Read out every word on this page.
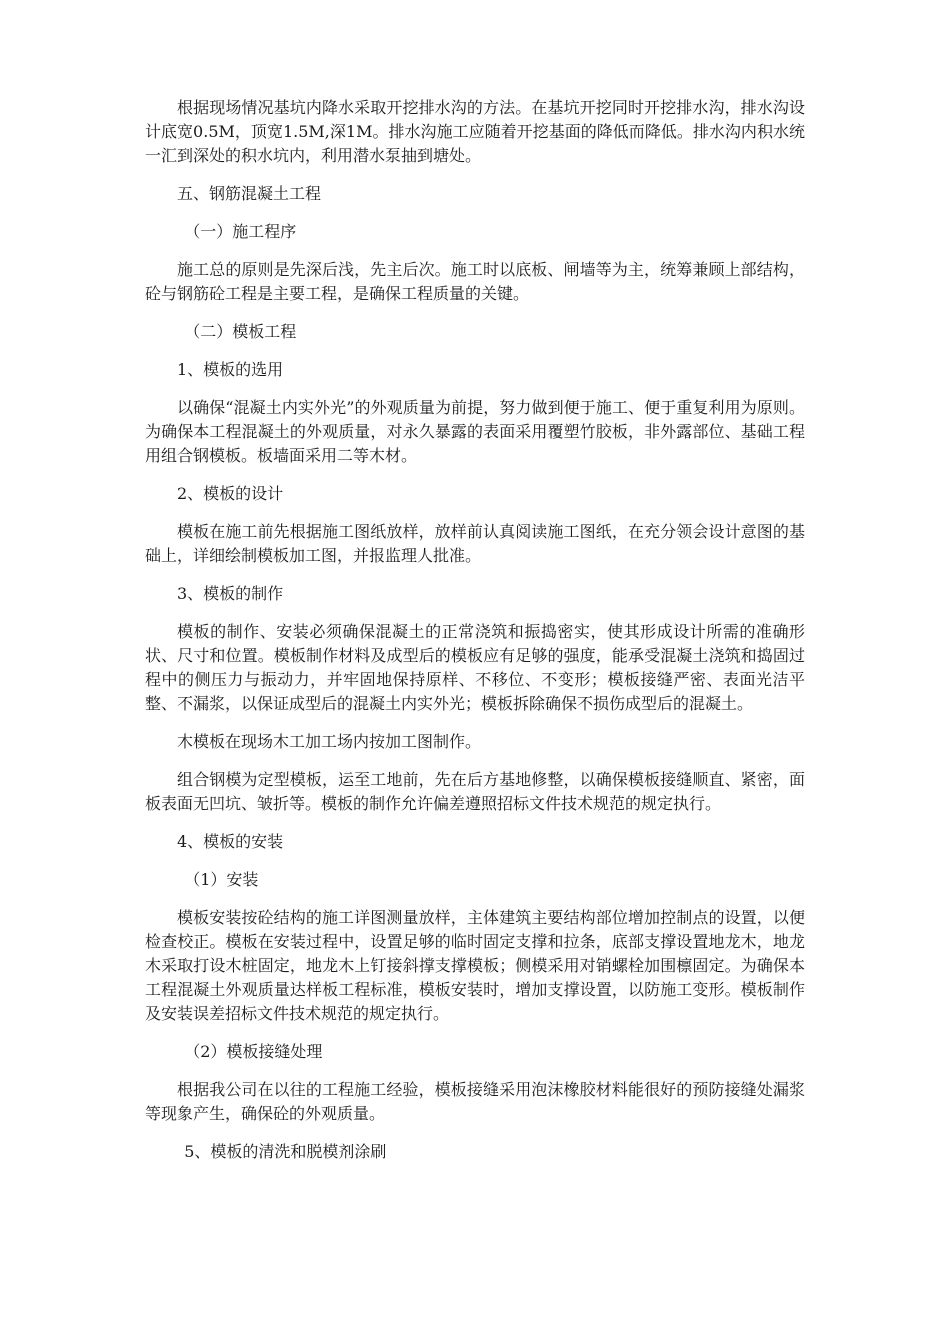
根据现场情况基坑内降水采取开挖排水沟的方法。在基坑开挖同时开挖排水沟，排水沟设计底宽0.5M，顶宽1.5M,深1M。排水沟施工应随着开挖基面的降低而降低。排水沟内积水统一汇到深处的积水坑内，利用潜水泵抽到塘处。

五、钢筋混凝土工程

（一）施工程序

施工总的原则是先深后浅，先主后次。施工时以底板、闸墙等为主，统筹兼顾上部结构，砼与钢筋砼工程是主要工程，是确保工程质量的关键。

（二）模板工程

1、模板的选用

以确保“混凝土内实外光”的外观质量为前提，努力做到便于施工、便于重复利用为原则。为确保本工程混凝土的外观质量，对永久暴露的表面采用覆塑竹胶板，非外露部位、基础工程用组合钢模板。板墙面采用二等木材。

2、模板的设计

模板在施工前先根据施工图纸放样，放样前认真阅读施工图纸，在充分领会设计意图的基础上，详细绘制模板加工图，并报监理人批准。

3、模板的制作

模板的制作、安装必须确保混凝土的正常浇筑和振捣密实，使其形成设计所需的准确形状、尺寸和位置。模板制作材料及成型后的模板应有足够的强度，能承受混凝土浇筑和捣固过程中的侧压力与振动力，并牢固地保持原样、不移位、不变形；模板接缝严密、表面光洁平整、不漏浆，以保证成型后的混凝土内实外光；模板拆除确保不损伤成型后的混凝土。

木模板在现场木工加工场内按加工图制作。

组合钢模为定型模板，运至工地前，先在后方基地修整，以确保模板接缝顺直、紧密，面板表面无凹坑、皱折等。模板的制作允许偏差遵照招标文件技术规范的规定执行。

4、模板的安装

（1）安装

模板安装按砼结构的施工详图测量放样，主体建筑主要结构部位增加控制点的设置，以便检查校正。模板在安装过程中，设置足够的临时固定支撑和拉条，底部支撑设置地龙木，地龙木采取打设木桩固定，地龙木上钉接斜撑支撑模板；侧模采用对销螺栓加围檩固定。为确保本工程混凝土外观质量达样板工程标准，模板安装时，增加支撑设置，以防施工变形。模板制作及安装误差招标文件技术规范的规定执行。

（2）模板接缝处理

根据我公司在以往的工程施工经验，模板接缝采用泡沫橡胶材料能很好的预防接缝处漏浆等现象产生，确保砼的外观质量。

5、模板的清洗和脱模剂涂刷
